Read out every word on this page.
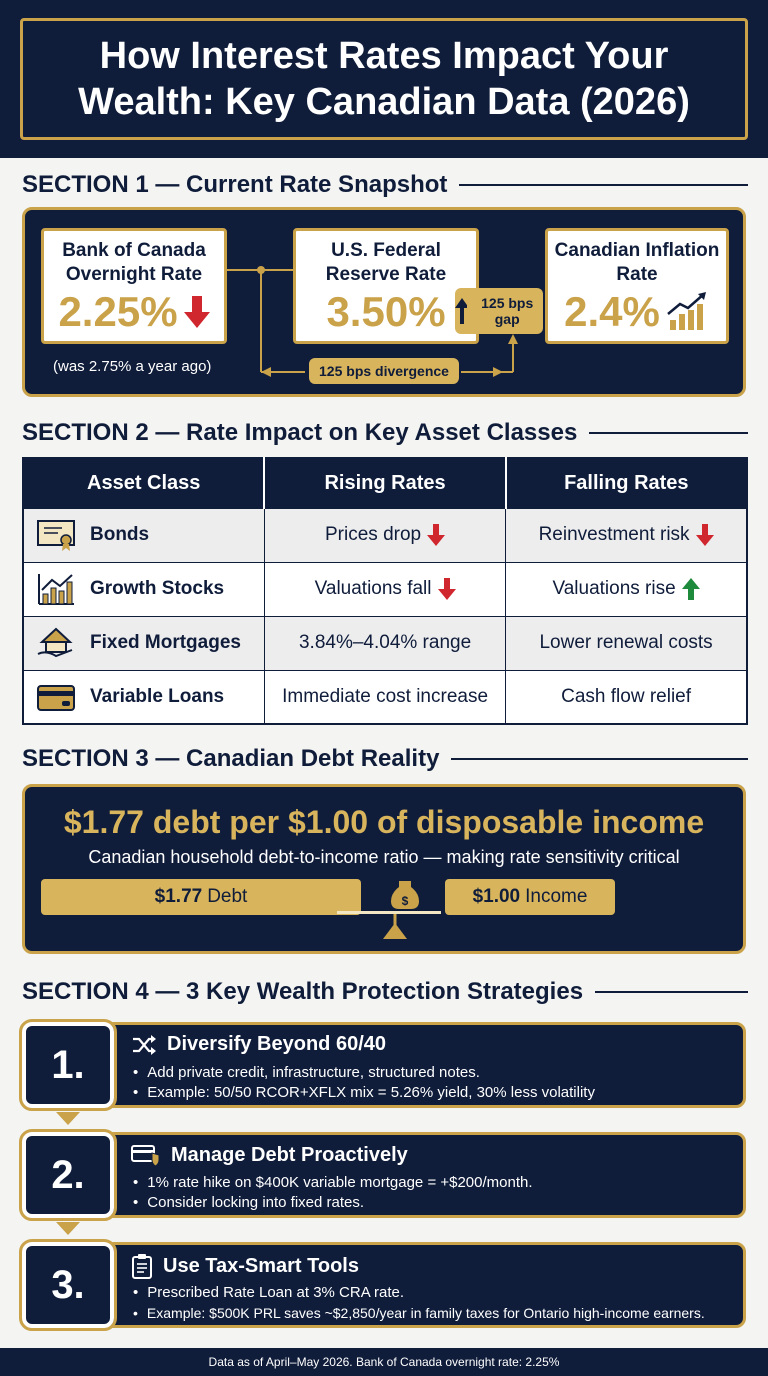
How Interest Rates Impact Your Wealth: Key Canadian Data (2026)
SECTION 1 — Current Rate Snapshot
Bank of Canada Overnight Rate
2.25%
U.S. Federal Reserve Rate
3.50%	125 bps gap
Canadian Inflation Rate
2.4%
(was 2.75% a year ago)	125 bps divergence
SECTION 2 — Rate Impact on Key Asset Classes
Asset Class	Rising Rates	Falling Rates

Bonds	Prices drop	Reinvestment risk

Growth Stocks	Valuations fall	Valuations rise

Fixed Mortgages	3.84%–4.04% range	Lower renewal costs

Variable Loans	Immediate cost increase	Cash flow relief
SECTION 3 — Canadian Debt Reality
$1.77 debt per $1.00 of disposable income
Canadian household debt-to-income ratio — making rate sensitivity critical
$1.77 Debt	$	$1.00 Income
SECTION 4 — 3 Key Wealth Protection Strategies
1.	Diversify Beyond 60/40
• Add private credit, infrastructure, structured notes.
• Example: 50/50 RCOR+XFLX mix = 5.26% yield, 30% less volatility
2.	Manage Debt Proactively
• 1% rate hike on $400K variable mortgage = +$200/month.
• Consider locking into fixed rates.
3.	Use Tax-Smart Tools
• Prescribed Rate Loan at 3% CRA rate.
• Example: $500K PRL saves ~$2,850/year in family taxes for Ontario high-income earners.
Data as of April–May 2026. Bank of Canada overnight rate: 2.25%
